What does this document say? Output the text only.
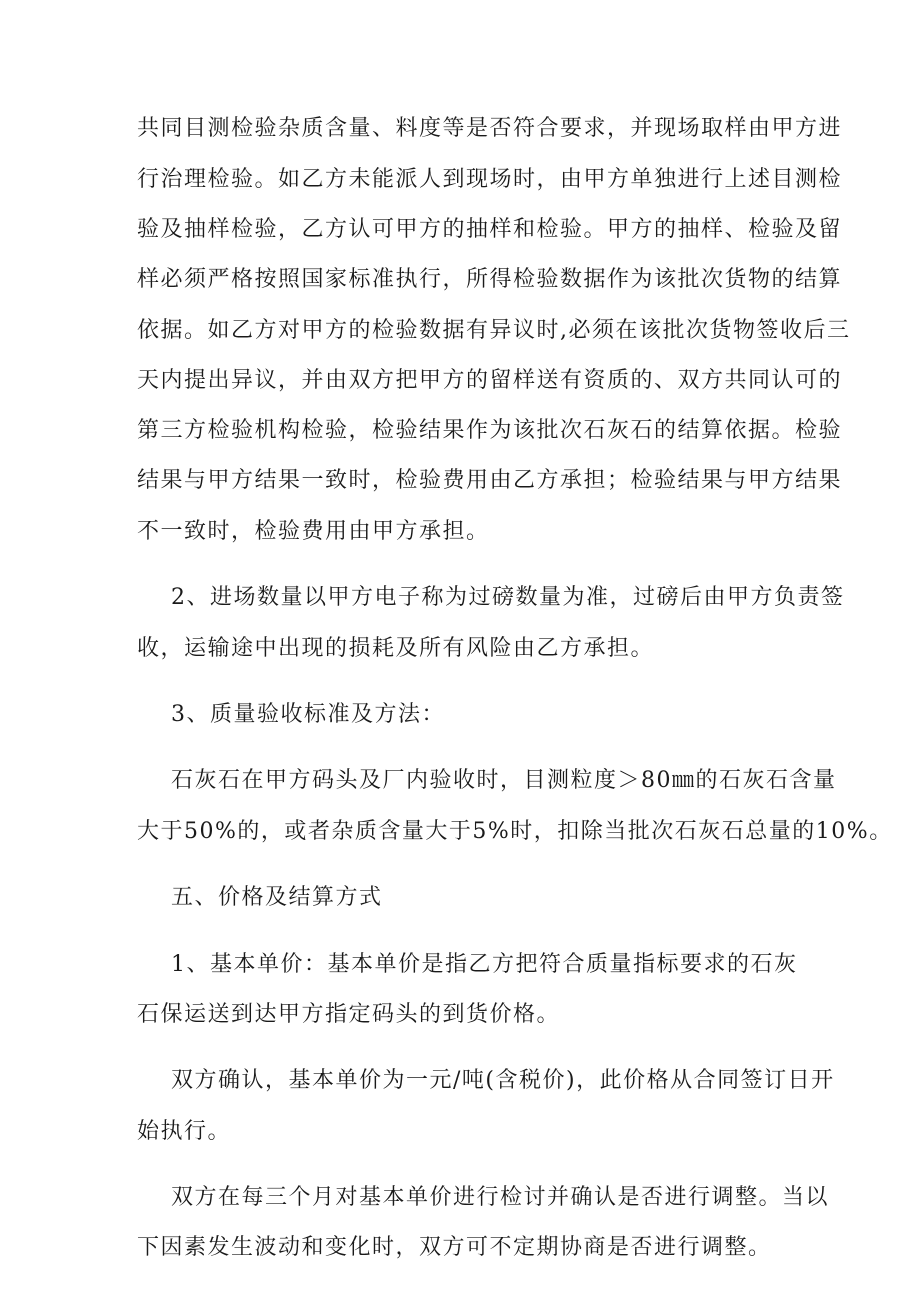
共同目测检验杂质含量、料度等是否符合要求，并现场取样由甲方进
行治理检验。如乙方未能派人到现场时，由甲方单独进行上述目测检
验及抽样检验，乙方认可甲方的抽样和检验。甲方的抽样、检验及留
样必须严格按照国家标准执行，所得检验数据作为该批次货物的结算
依据。如乙方对甲方的检验数据有异议时,必须在该批次货物签收后三
天内提出异议，并由双方把甲方的留样送有资质的、双方共同认可的
第三方检验机构检验，检验结果作为该批次石灰石的结算依据。检验
结果与甲方结果一致时，检验费用由乙方承担；检验结果与甲方结果
不一致时，检验费用由甲方承担。
2、进场数量以甲方电子称为过磅数量为准，过磅后由甲方负责签
收，运输途中出现的损耗及所有风险由乙方承担。
3、质量验收标准及方法：
石灰石在甲方码头及厂内验收时，目测粒度＞80㎜的石灰石含量
大于50%的，或者杂质含量大于5%时，扣除当批次石灰石总量的10%。
五、价格及结算方式
1、基本单价：基本单价是指乙方把符合质量指标要求的石灰
石保运送到达甲方指定码头的到货价格。
双方确认，基本单价为一元/吨(含税价)，此价格从合同签订日开
始执行。
双方在每三个月对基本单价进行检讨并确认是否进行调整。当以
下因素发生波动和变化时，双方可不定期协商是否进行调整。
